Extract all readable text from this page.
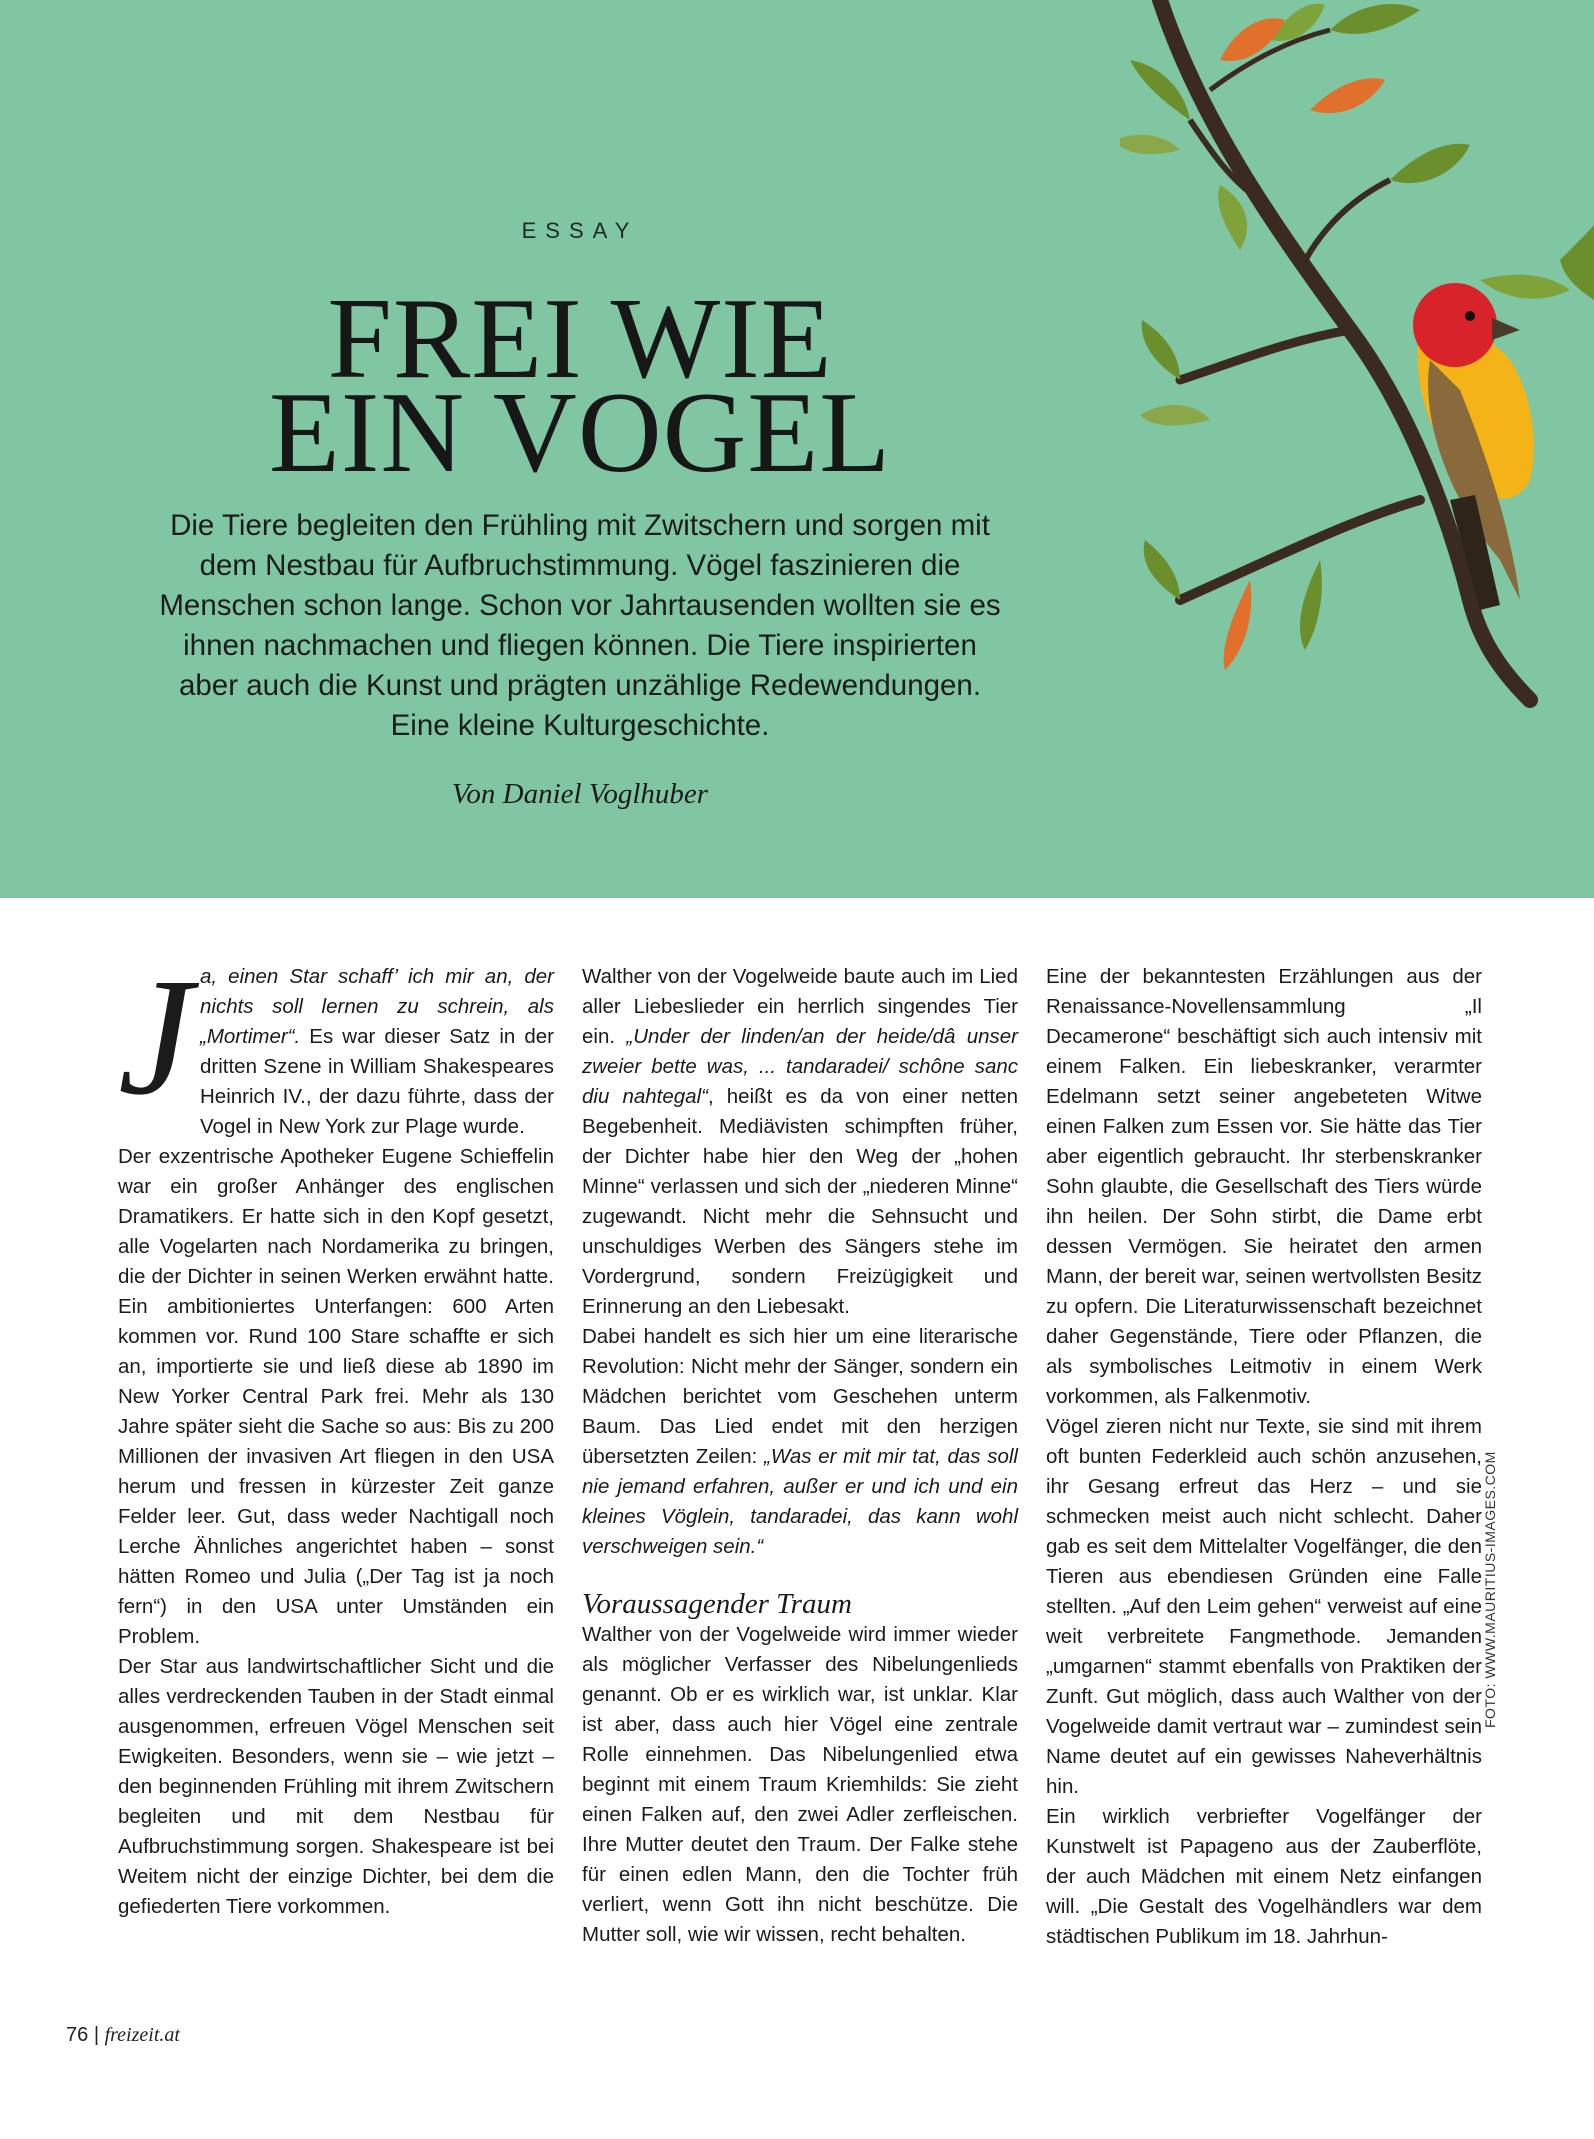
ESSAY
FREI WIE
EIN VOGEL
Die Tiere begleiten den Frühling mit Zwitschern und sorgen mit dem Nestbau für Aufbruchstimmung. Vögel faszinieren die Menschen schon lange. Schon vor Jahrtausenden wollten sie es ihnen nachmachen und fliegen können. Die Tiere inspirierten aber auch die Kunst und prägten unzählige Redewendungen. Eine kleine Kulturgeschichte.
Von Daniel Voglhuber

Ja, einen Star schaff’ ich mir an, der nichts soll lernen zu schrein, als „Mortimer“. Es war dieser Satz in der dritten Szene in William Shakespeares Heinrich IV., der dazu führte, dass der Vogel in New York zur Plage wurde.

Der exzentrische Apotheker Eugene Schieffelin war ein großer Anhänger des englischen Dramatikers. Er hatte sich in den Kopf gesetzt, alle Vogelarten nach Nordamerika zu bringen, die der Dichter in seinen Werken erwähnt hatte. Ein ambitioniertes Unterfangen: 600 Arten kommen vor. Rund 100 Stare schaffte er sich an, importierte sie und ließ diese ab 1890 im New Yorker Central Park frei. Mehr als 130 Jahre später sieht die Sache so aus: Bis zu 200 Millionen der invasiven Art fliegen in den USA herum und fressen in kürzester Zeit ganze Felder leer. Gut, dass weder Nachtigall noch Lerche Ähnliches angerichtet haben – sonst hätten Romeo und Julia („Der Tag ist ja noch fern“) in den USA unter Umständen ein Problem.

Der Star aus landwirtschaftlicher Sicht und die alles verdreckenden Tauben in der Stadt einmal ausgenommen, erfreuen Vögel Menschen seit Ewigkeiten. Besonders, wenn sie – wie jetzt – den beginnenden Frühling mit ihrem Zwitschern begleiten und mit dem Nestbau für Aufbruchstimmung sorgen. Shakespeare ist bei Weitem nicht der einzige Dichter, bei dem die gefiederten Tiere vorkommen.

Walther von der Vogelweide baute auch im Lied aller Liebeslieder ein herrlich singendes Tier ein. „Under der linden/an der heide/dâ unser zweier bette was, ... tandaradei/ schône sanc diu nahtegal“, heißt es da von einer netten Begebenheit. Mediävisten schimpften früher, der Dichter habe hier den Weg der „hohen Minne“ verlassen und sich der „niederen Minne“ zugewandt. Nicht mehr die Sehnsucht und unschuldiges Werben des Sängers stehe im Vordergrund, sondern Freizügigkeit und Erinnerung an den Liebesakt.

Dabei handelt es sich hier um eine literarische Revolution: Nicht mehr der Sänger, sondern ein Mädchen berichtet vom Geschehen unterm Baum. Das Lied endet mit den herzigen übersetzten Zeilen: „Was er mit mir tat, das soll nie jemand erfahren, außer er und ich und ein kleines Vöglein, tandaradei, das kann wohl verschweigen sein.“

Voraussagender Traum

Walther von der Vogelweide wird immer wieder als möglicher Verfasser des Nibelungenlieds genannt. Ob er es wirklich war, ist unklar. Klar ist aber, dass auch hier Vögel eine zentrale Rolle einnehmen. Das Nibelungenlied etwa beginnt mit einem Traum Kriemhilds: Sie zieht einen Falken auf, den zwei Adler zerfleischen. Ihre Mutter deutet den Traum. Der Falke stehe für einen edlen Mann, den die Tochter früh verliert, wenn Gott ihn nicht beschütze. Die Mutter soll, wie wir wissen, recht behalten.

Eine der bekanntesten Erzählungen aus der Renaissance-Novellensammlung „Il Decamerone“ beschäftigt sich auch intensiv mit einem Falken. Ein liebeskranker, verarmter Edelmann setzt seiner angebeteten Witwe einen Falken zum Essen vor. Sie hätte das Tier aber eigentlich gebraucht. Ihr sterbenskranker Sohn glaubte, die Gesellschaft des Tiers würde ihn heilen. Der Sohn stirbt, die Dame erbt dessen Vermögen. Sie heiratet den armen Mann, der bereit war, seinen wertvollsten Besitz zu opfern. Die Literaturwissenschaft bezeichnet daher Gegenstände, Tiere oder Pflanzen, die als symbolisches Leitmotiv in einem Werk vorkommen, als Falkenmotiv.

Vögel zieren nicht nur Texte, sie sind mit ihrem oft bunten Federkleid auch schön anzusehen, ihr Gesang erfreut das Herz – und sie schmecken meist auch nicht schlecht. Daher gab es seit dem Mittelalter Vogelfänger, die den Tieren aus ebendiesen Gründen eine Falle stellten. „Auf den Leim gehen“ verweist auf eine weit verbreitete Fangmethode. Jemanden „umgarnen“ stammt ebenfalls von Praktiken der Zunft. Gut möglich, dass auch Walther von der Vogelweide damit vertraut war – zumindest sein Name deutet auf ein gewisses Naheverhältnis hin.

Ein wirklich verbriefter Vogelfänger der Kunstwelt ist Papageno aus der Zauberflöte, der auch Mädchen mit einem Netz einfangen will. „Die Gestalt des Vogelhändlers war dem städtischen Publikum im 18. Jahrhun-

FOTO: WWW.MAURITIUS-IMAGES.COM
76 | freizeit.at
